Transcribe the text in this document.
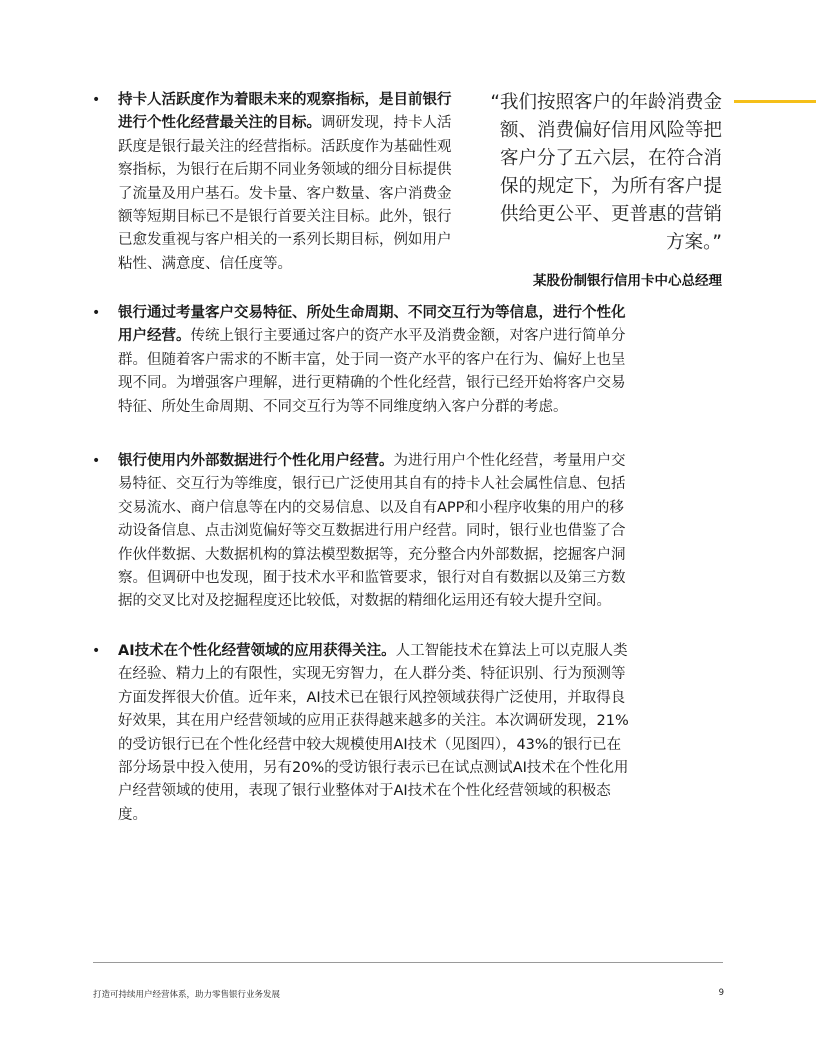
• 持卡人活跃度作为着眼未来的观察指标，是目前银行进行个性化经营最关注的目标。调研发现，持卡人活跃度是银行最关注的经营指标。活跃度作为基础性观察指标，为银行在后期不同业务领域的细分目标提供了流量及用户基石。发卡量、客户数量、客户消费金额等短期目标已不是银行首要关注目标。此外，银行已愈发重视与客户相关的一系列长期目标，例如用户粘性、满意度、信任度等。
“我们按照客户的年龄消费金额、消费偏好信用风险等把客户分了五六层，在符合消保的规定下，为所有客户提供给更公平、更普惠的营销方案。”
某股份制银行信用卡中心总经理
• 银行通过考量客户交易特征、所处生命周期、不同交互行为等信息，进行个性化用户经营。传统上银行主要通过客户的资产水平及消费金额，对客户进行简单分群。但随着客户需求的不断丰富，处于同一资产水平的客户在行为、偏好上也呈现不同。为增强客户理解，进行更精确的个性化经营，银行已经开始将客户交易特征、所处生命周期、不同交互行为等不同维度纳入客户分群的考虑。
• 银行使用内外部数据进行个性化用户经营。为进行用户个性化经营，考量用户交易特征、交互行为等维度，银行已广泛使用其自有的持卡人社会属性信息、包括交易流水、商户信息等在内的交易信息、以及自有APP和小程序收集的用户的移动设备信息、点击浏览偏好等交互数据进行用户经营。同时，银行业也借鉴了合作伙伴数据、大数据机构的算法模型数据等，充分整合内外部数据，挖掘客户洞察。但调研中也发现，囿于技术水平和监管要求，银行对自有数据以及第三方数据的交叉比对及挖掘程度还比较低，对数据的精细化运用还有较大提升空间。
• AI技术在个性化经营领域的应用获得关注。人工智能技术在算法上可以克服人类在经验、精力上的有限性，实现无穷智力，在人群分类、特征识别、行为预测等方面发挥很大价值。近年来，AI技术已在银行风控领域获得广泛使用，并取得良好效果，其在用户经营领域的应用正获得越来越多的关注。本次调研发现，21%的受访银行已在个性化经营中较大规模使用AI技术（见图四），43%的银行已在部分场景中投入使用，另有20%的受访银行表示已在试点测试AI技术在个性化用户经营领域的使用，表现了银行业整体对于AI技术在个性化经营领域的积极态度。
打造可持续用户经营体系，助力零售银行业务发展	9
